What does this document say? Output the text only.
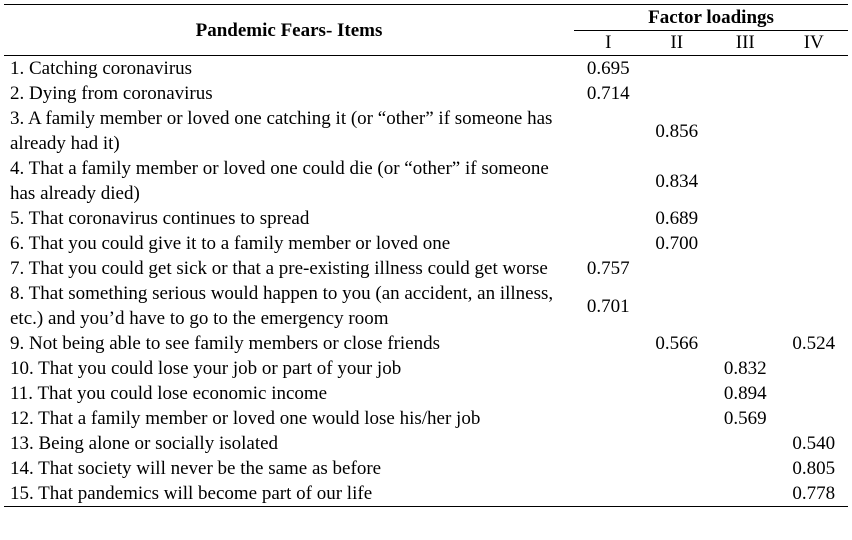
Pandemic Fears- Items	Factor loadings			
	I	II	III	IV
1. Catching coronavirus	0.695			
2. Dying from coronavirus	0.714			
3. A family member or loved one catching it (or “other” if someone has already had it)		0.856		
4. That a family member or loved one could die (or “other” if someone has already died)		0.834		
5. That coronavirus continues to spread		0.689		
6. That you could give it to a family member or loved one		0.700		
7. That you could get sick or that a pre-existing illness could get worse	0.757			
8. That something serious would happen to you (an accident, an illness, etc.) and you’d have to go to the emergency room	0.701			
9. Not being able to see family members or close friends		0.566		0.524
10. That you could lose your job or part of your job			0.832	
11. That you could lose economic income			0.894	
12. That a family member or loved one would lose his/her job			0.569	
13. Being alone or socially isolated				0.540
14. That society will never be the same as before				0.805
15. That pandemics will become part of our life				0.778
